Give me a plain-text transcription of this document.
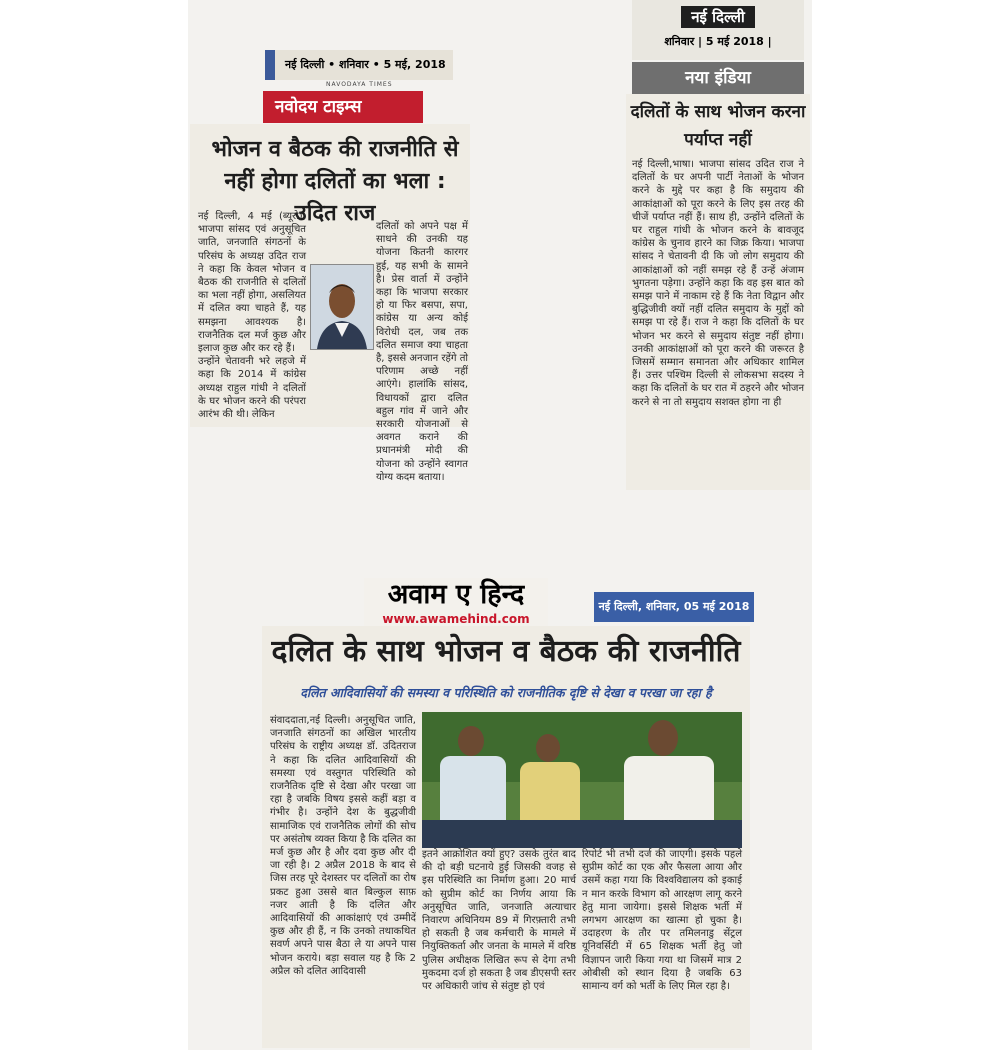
नई दिल्ली • शनिवार • 5 मई, 2018
NAVODAYA TIMES
नवोदय टाइम्स
भोजन व बैठक की राजनीति से नहीं होगा दलितों का भला : उदित राज
नई दिल्ली, 4 मई (ब्यूरो): भाजपा सांसद एवं अनुसूचित जाति, जनजाति संगठनों के परिसंघ के अध्यक्ष उदित राज ने कहा कि केवल भोजन व बैठक की राजनीति से दलितों का भला नहीं होगा, असलियत में दलित क्या चाहते हैं, यह समझना आवश्यक है। राजनैतिक दल मर्ज कुछ और इलाज कुछ और कर रहे हैं।
उन्होंने चेतावनी भरे लहजे में कहा कि 2014 में कांग्रेस अध्यक्ष राहुल गांधी ने दलितों के घर भोजन करने की परंपरा आरंभ की थी। लेकिन
दलितों को अपने पक्ष में साधने की उनकी यह योजना कितनी कारगर हुई, यह सभी के सामने है। प्रेस वार्ता में उन्होंने कहा कि भाजपा सरकार हो या फिर बसपा, सपा, कांग्रेस या अन्य कोई विरोधी दल, जब तक दलित समाज क्या चाहता है, इससे अनजान रहेंगे तो परिणाम अच्छे नहीं आएंगे। हालांकि सांसद, विधायकों द्वारा दलित बहुल गांव में जाने और सरकारी योजनाओं से अवगत कराने की प्रधानमंत्री मोदी की योजना को उन्होंने स्वागत योग्य कदम बताया।
नई दिल्ली
शनिवार | 5 मई 2018 |
नया इंडिया
दलितों के साथ भोजन करना पर्याप्त नहीं
नई दिल्ली,भाषा। भाजपा सांसद उदित राज ने दलितों के घर अपनी पार्टी नेताओं के भोजन करने के मुद्दे पर कहा है कि समुदाय की आकांक्षाओं को पूरा करने के लिए इस तरह की चीजें पर्याप्त नहीं हैं। साथ ही, उन्होंने दलितों के घर राहुल गांधी के भोजन करने के बावजूद कांग्रेस के चुनाव हारने का जिक्र किया। भाजपा सांसद ने चेतावनी दी कि जो लोग समुदाय की आकांक्षाओं को नहीं समझ रहे हैं उन्हें अंजाम भुगतना पड़ेगा। उन्होंने कहा कि वह इस बात को समझ पाने में नाकाम रहे हैं कि नेता विद्वान और बुद्धिजीवी क्यों नहीं दलित समुदाय के मुद्दों को समझ पा रहे हैं। राज ने कहा कि दलितों के घर भोजन भर करने से समुदाय संतुष्ट नहीं होगा। उनकी आकांक्षाओं को पूरा करने की जरूरत है जिसमें सम्मान समानता और अधिकार शामिल हैं। उत्तर पश्चिम दिल्ली से लोकसभा सदस्य ने कहा कि दलितों के घर रात में ठहरने और भोजन करने से ना तो समुदाय सशक्त होगा ना ही
अवाम ए हिन्द
www.awamehind.com
नई दिल्ली, शनिवार, 05 मई 2018
दलित के साथ भोजन व बैठक की राजनीति
दलित आदिवासियों की समस्या व परिस्थिति को राजनीतिक दृष्टि से देखा व परखा जा रहा है
संवाददाता,नई दिल्ली। अनुसूचित जाति, जनजाति संगठनों का अखिल भारतीय परिसंघ के राष्ट्रीय अध्यक्ष डॉ. उदितराज ने कहा कि दलित आदिवासियों की समस्या एवं वस्तुगत परिस्थिति को राजनैतिक दृष्टि से देखा और परखा जा रहा है जबकि विषय इससे कहीं बड़ा व गंभीर है। उन्होंने देश के बुद्धजीवी सामाजिक एवं राजनैतिक लोगों की सोच पर असंतोष व्यक्त किया है कि दलित का मर्ज कुछ और है और दवा कुछ और दी जा रही है। 2 अप्रैल 2018 के बाद से जिस तरह पूरे देशस्तर पर दलितों का रोष प्रकट हुआ उससे बात बिल्कुल साफ़ नजर आती है कि दलित और आदिवासियों की आकांक्षाएं एवं उम्मीदें कुछ और ही हैं, न कि उनको तथाकथित सवर्ण अपने पास बैठा ले या अपने पास भोजन कराये। बड़ा सवाल यह है कि 2 अप्रैल को दलित आदिवासी
इतने आक्रोशित क्यों हुए? उसके तुरंत बाद की दो बड़ी घटनाये हुई जिसकी वजह से इस परिस्थिति का निर्माण हुआ। 20 मार्च को सुप्रीम कोर्ट का निर्णय आया कि अनुसूचित जाति, जनजाति अत्याचार निवारण अधिनियम 89 में गिरफ़्तारी तभी हो सकती है जब कर्मचारी के मामले में नियुक्तिकर्ता और जनता के मामले में वरिष्ठ पुलिस अधीक्षक लिखित रूप से देगा तभी मुकदमा दर्ज हो सकता है जब डीएसपी स्तर पर अधिकारी जांच से संतुष्ट हो एवं
रिपोर्ट भी तभी दर्ज की जाएगी। इसके पहले सुप्रीम कोर्ट का एक और फैसला आया और उसमें कहा गया कि विश्वविद्यालय को इकाई न मान करके विभाग को आरक्षण लागू करने हेतु माना जायेगा। इससे शिक्षक भर्ती में लगभग आरक्षण का खात्मा हो चुका है। उदाहरण के तौर पर तमिलनाडु सेंट्रल यूनिवर्सिटी में 65 शिक्षक भर्ती हेतु जो विज्ञापन जारी किया गया था जिसमें मात्र 2 ओबीसी को स्थान दिया है जबकि 63 सामान्य वर्ग को भर्ती के लिए मिल रहा है।
